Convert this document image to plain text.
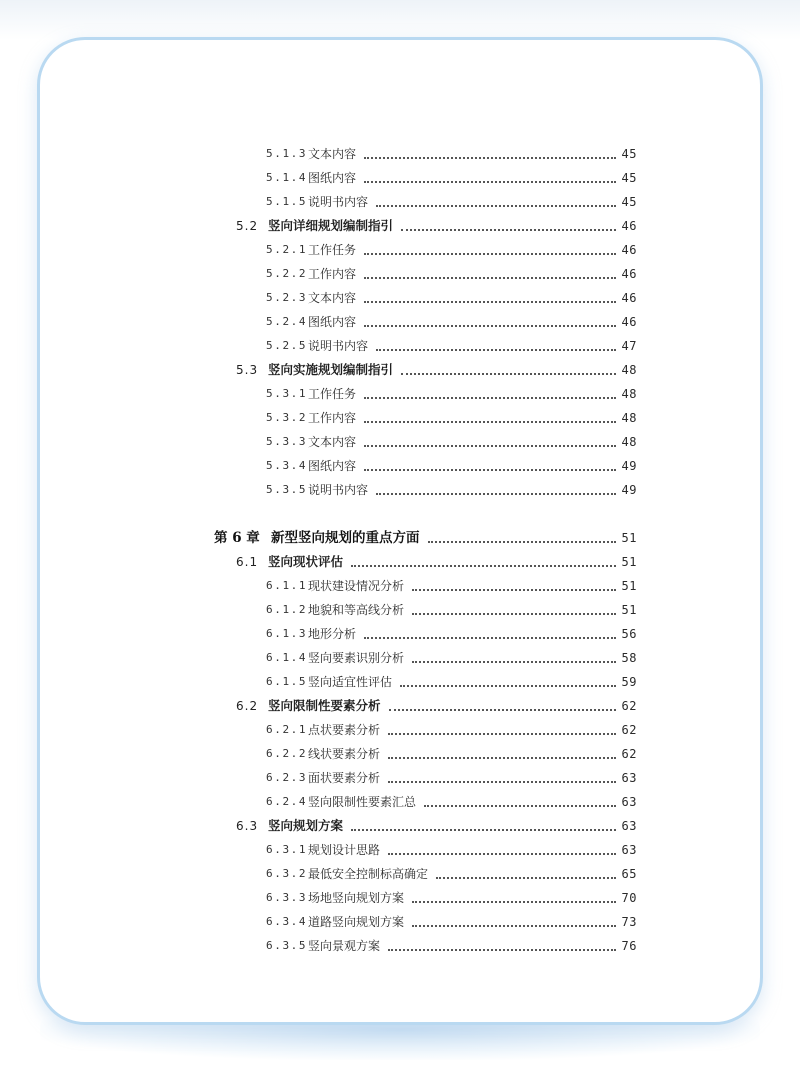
5.1.3 文本内容	45
5.1.4 图纸内容	45
5.1.5 说明书内容	45
5.2 竖向详细规划编制指引	46
5.2.1 工作任务	46
5.2.2 工作内容	46
5.2.3 文本内容	46
5.2.4 图纸内容	46
5.2.5 说明书内容	47
5.3 竖向实施规划编制指引	48
5.3.1 工作任务	48
5.3.2 工作内容	48
5.3.3 文本内容	48
5.3.4 图纸内容	49
5.3.5 说明书内容	49
第 6 章 新型竖向规划的重点方面	51
6.1 竖向现状评估	51
6.1.1 现状建设情况分析	51
6.1.2 地貌和等高线分析	51
6.1.3 地形分析	56
6.1.4 竖向要素识别分析	58
6.1.5 竖向适宜性评估	59
6.2 竖向限制性要素分析	62
6.2.1 点状要素分析	62
6.2.2 线状要素分析	62
6.2.3 面状要素分析	63
6.2.4 竖向限制性要素汇总	63
6.3 竖向规划方案	63
6.3.1 规划设计思路	63
6.3.2 最低安全控制标高确定	65
6.3.3 场地竖向规划方案	70
6.3.4 道路竖向规划方案	73
6.3.5 竖向景观方案	76
